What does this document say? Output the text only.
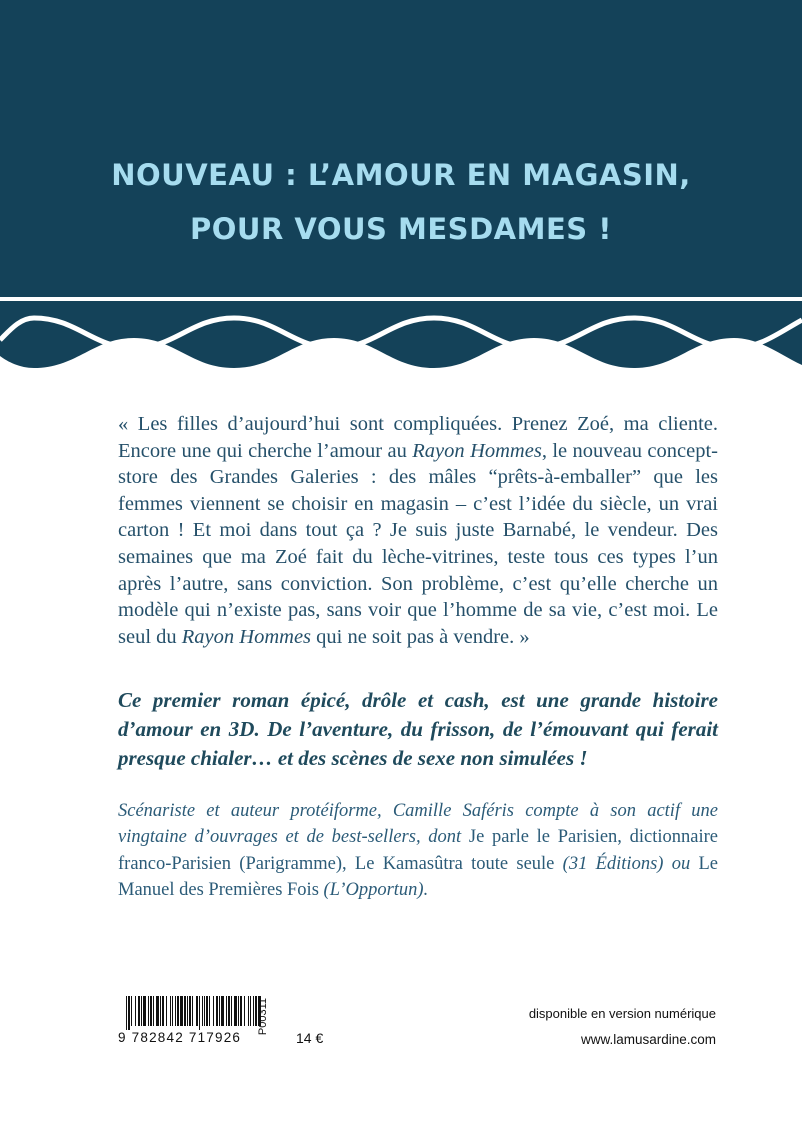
NOUVEAU : L’AMOUR EN MAGASIN,
POUR VOUS MESDAMES !

« Les filles d’aujourd’hui sont compliquées. Prenez Zoé, ma cliente. Encore une qui cherche l’amour au Rayon Hommes, le nouveau concept-store des Grandes Galeries : des mâles “prêts-à-emballer” que les femmes viennent se choisir en magasin – c’est l’idée du siècle, un vrai carton ! Et moi dans tout ça ? Je suis juste Barnabé, le vendeur. Des semaines que ma Zoé fait du lèche-vitrines, teste tous ces types l’un après l’autre, sans conviction. Son problème, c’est qu’elle cherche un modèle qui n’existe pas, sans voir que l’homme de sa vie, c’est moi. Le seul du Rayon Hommes qui ne soit pas à vendre. »

Ce premier roman épicé, drôle et cash, est une grande histoire d’amour en 3D. De l’aventure, du frisson, de l’émouvant qui ferait presque chialer… et des scènes de sexe non simulées !

Scénariste et auteur protéiforme, Camille Saféris compte à son actif une vingtaine d’ouvrages et de best-sellers, dont Je parle le Parisien, dictionnaire franco-Parisien (Parigramme), Le Kamasûtra toute seule (31 Éditions) ou Le Manuel des Premières Fois (L’Opportun).

9 782842 717926
P00311
14 €
disponible en version numérique
www.lamusardine.com
